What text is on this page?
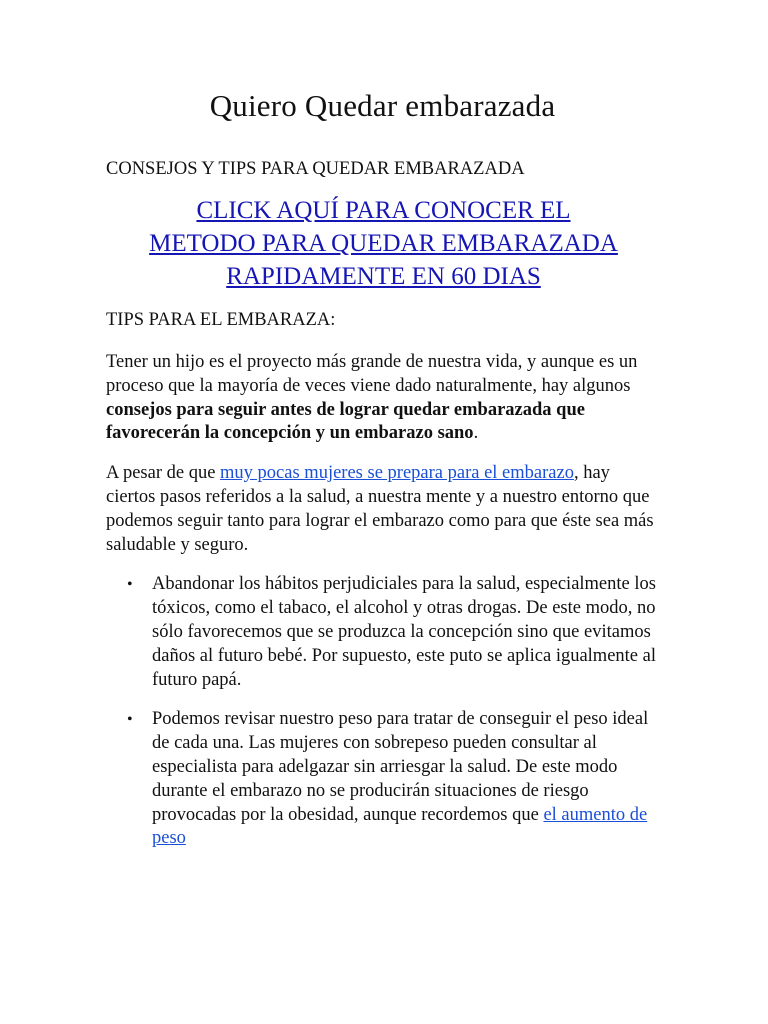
Quiero Quedar embarazada
CONSEJOS Y TIPS PARA QUEDAR EMBARAZADA
CLICK AQUÍ PARA CONOCER EL
METODO PARA QUEDAR EMBARAZADA
RAPIDAMENTE EN 60 DIAS
TIPS PARA EL EMBARAZA:

Tener un hijo es el proyecto más grande de nuestra vida, y aunque es un proceso que la mayoría de veces viene dado naturalmente, hay algunos consejos para seguir antes de lograr quedar embarazada que favorecerán la concepción y un embarazo sano.

A pesar de que muy pocas mujeres se prepara para el embarazo, hay ciertos pasos referidos a la salud, a nuestra mente y a nuestro entorno que podemos seguir tanto para lograr el embarazo como para que éste sea más saludable y seguro.

• Abandonar los hábitos perjudiciales para la salud, especialmente los tóxicos, como el tabaco, el alcohol y otras drogas. De este modo, no sólo favorecemos que se produzca la concepción sino que evitamos daños al futuro bebé. Por supuesto, este puto se aplica igualmente al futuro papá.
• Podemos revisar nuestro peso para tratar de conseguir el peso ideal de cada una. Las mujeres con sobrepeso pueden consultar al especialista para adelgazar sin arriesgar la salud. De este modo durante el embarazo no se producirán situaciones de riesgo provocadas por la obesidad, aunque recordemos que el aumento de peso
